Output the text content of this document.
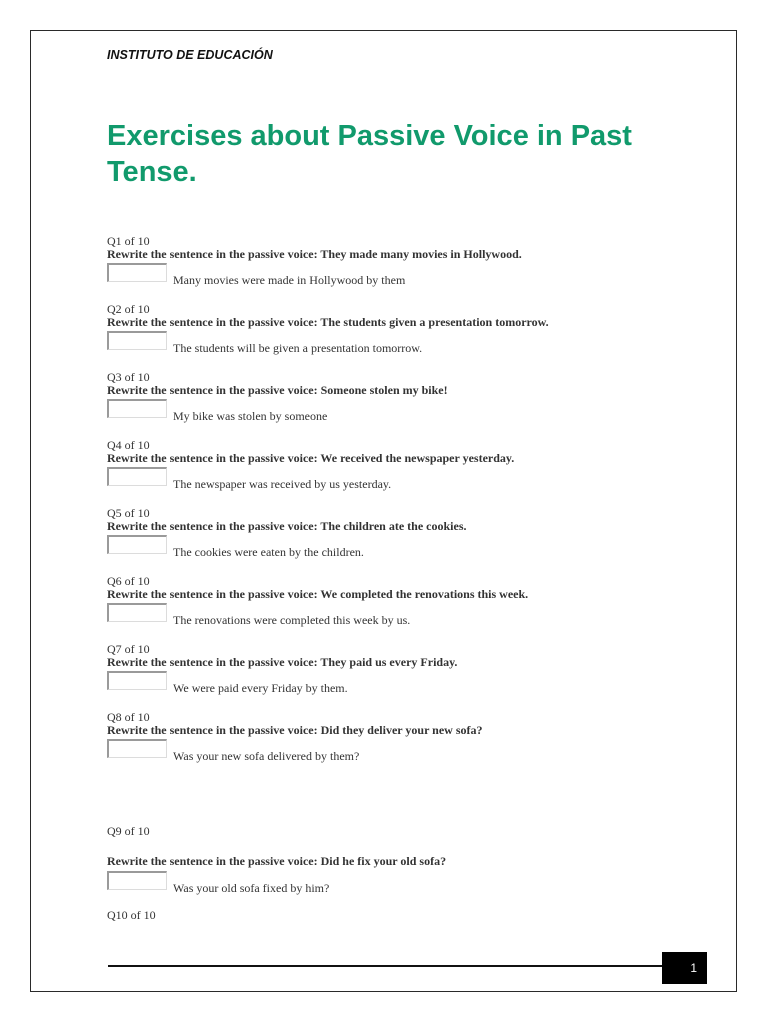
INSTITUTO DE EDUCACIÓN

Exercises about Passive Voice in Past Tense.
Q1 of 10
Rewrite the sentence in the passive voice: They made many movies in Hollywood.
Many movies were made in Hollywood by them
Q2 of 10
Rewrite the sentence in the passive voice: The students given a presentation tomorrow.
The students will be given a presentation tomorrow.
Q3 of 10
Rewrite the sentence in the passive voice: Someone stolen my bike!
My bike was stolen by someone
Q4 of 10
Rewrite the sentence in the passive voice: We received the newspaper yesterday.
The newspaper was received by us yesterday.
Q5 of 10
Rewrite the sentence in the passive voice: The children ate the cookies.
The cookies were eaten by the children.
Q6 of 10
Rewrite the sentence in the passive voice: We completed the renovations this week.
The renovations were completed this week by us.
Q7 of 10
Rewrite the sentence in the passive voice: They paid us every Friday.
We were paid every Friday by them.
Q8 of 10
Rewrite the sentence in the passive voice: Did they deliver your new sofa?
Was your new sofa delivered by them?
Q9 of 10
Rewrite the sentence in the passive voice: Did he fix your old sofa?
Was your old sofa fixed by him?
Q10 of 10
1
